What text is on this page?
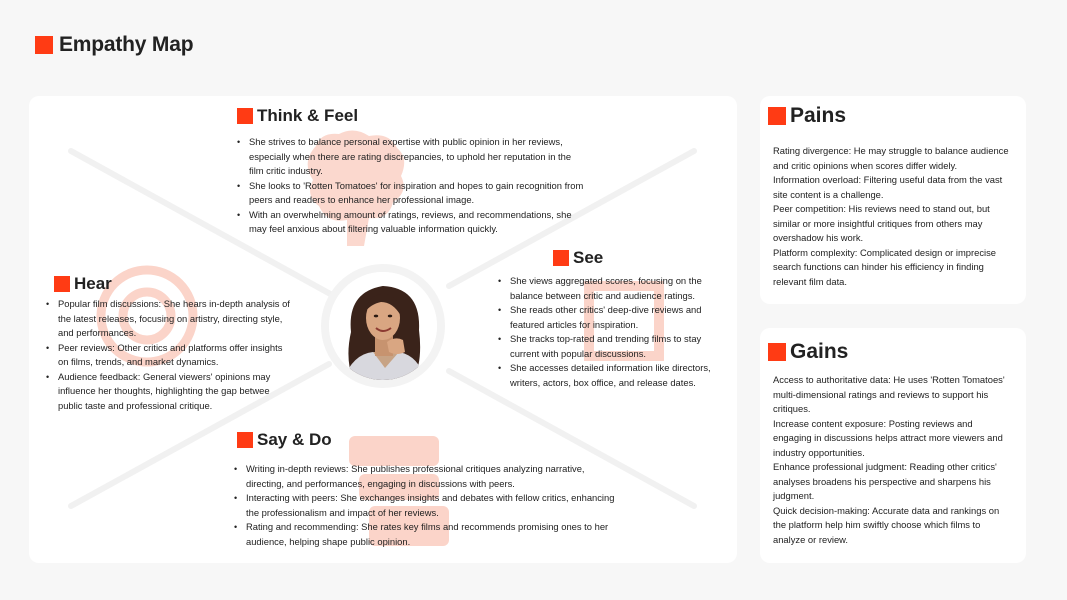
Empathy Map
Think & Feel
• She strives to balance personal expertise with public opinion in her reviews, especially when there are rating discrepancies, to uphold her reputation in the film critic industry.
• She looks to 'Rotten Tomatoes' for inspiration and hopes to gain recognition from peers and readers to enhance her professional image.
• With an overwhelming amount of ratings, reviews, and recommendations, she may feel anxious about filtering valuable information quickly.
Hear
• Popular film discussions: She hears in-depth analysis of the latest releases, focusing on artistry, directing style, and performances.
• Peer reviews: Other critics and platforms offer insights on films, trends, and market dynamics.
• Audience feedback: General viewers' opinions may influence her thoughts, highlighting the gap betwee public taste and professional critique.
See
• She views aggregated scores, focusing on the balance between critic and audience ratings.
• She reads other critics' deep-dive reviews and featured articles for inspiration.
• She tracks top-rated and trending films to stay current with popular discussions.
• She accesses detailed information like directors, writers, actors, box office, and release dates.
Say & Do
• Writing in-depth reviews: She publishes professional critiques analyzing narrative, directing, and performances, engaging in discussions with peers.
• Interacting with peers: She exchanges insights and debates with fellow critics, enhancing the professionalism and impact of her reviews.
• Rating and recommending: She rates key films and recommends promising ones to her audience, helping shape public opinion.
Pains

Rating divergence: He may struggle to balance audience and critic opinions when scores differ widely.

Information overload: Filtering useful data from the vast site content is a challenge.

Peer competition: His reviews need to stand out, but similar or more insightful critiques from others may overshadow his work.

Platform complexity: Complicated design or imprecise search functions can hinder his efficiency in finding relevant film data.

Gains

Access to authoritative data: He uses 'Rotten Tomatoes' multi-dimensional ratings and reviews to support his critiques.

Increase content exposure: Posting reviews and engaging in discussions helps attract more viewers and industry opportunities.

Enhance professional judgment: Reading other critics' analyses broadens his perspective and sharpens his judgment.

Quick decision-making: Accurate data and rankings on the platform help him swiftly choose which films to analyze or review.
